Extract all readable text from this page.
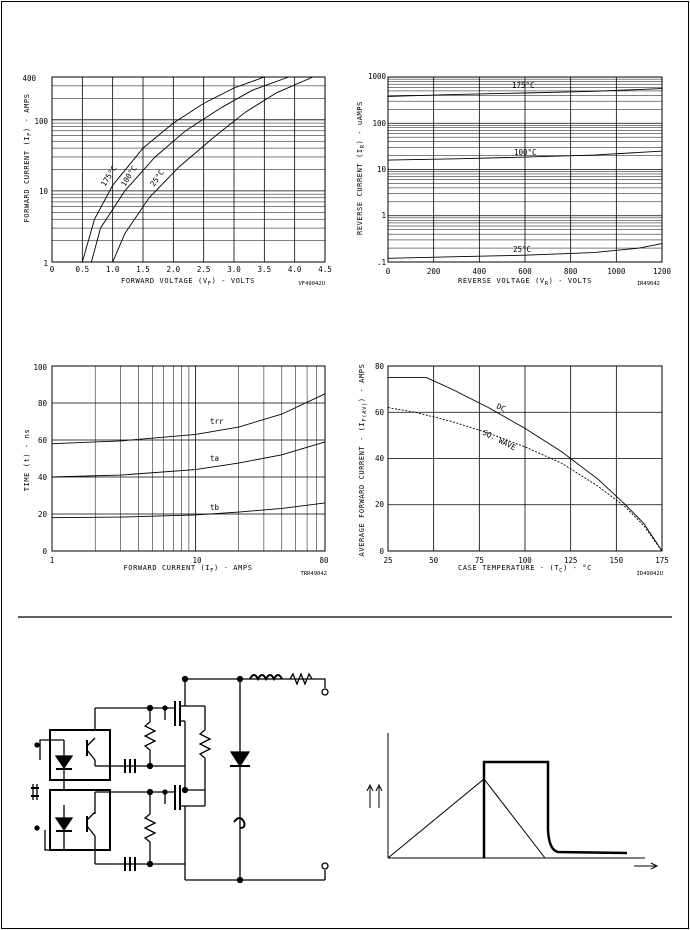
400
100
10
1
0	0.5 1.0 1.5 2.0 2.5 3.0 3.5 4.0 4.5
FORWARD VOLTAGE $(V_F)$ - VOLTS
FORWARD CURRENT $(I_F)$ - AMPS
VF49042U
175°C 100°C 25°C
1000
100
10
1
.1
0	200	400	600	800	1000	1200
REVERSE VOLTAGE $(V_R)$ - VOLTS
REVERSE CURRENT $(I_R)$ - uAMPS
IR49042
175°C
100°C
25°C
100
80
60
40
20
0
1	10	80
FORWARD CURRENT $(I_F)$ - AMPS
TIME (t) - ns
TRR49042
trr
ta
tb
80
60
40
20
0
25	50	75	100	125	150	175
CASE TEMPERATURE - $(T_C) - ^\circ C$
AVERAGE FORWARD CURRENT - $(I_{F(AV)})$ - AMPS
ID49042U
DC
SQ. WAVE
